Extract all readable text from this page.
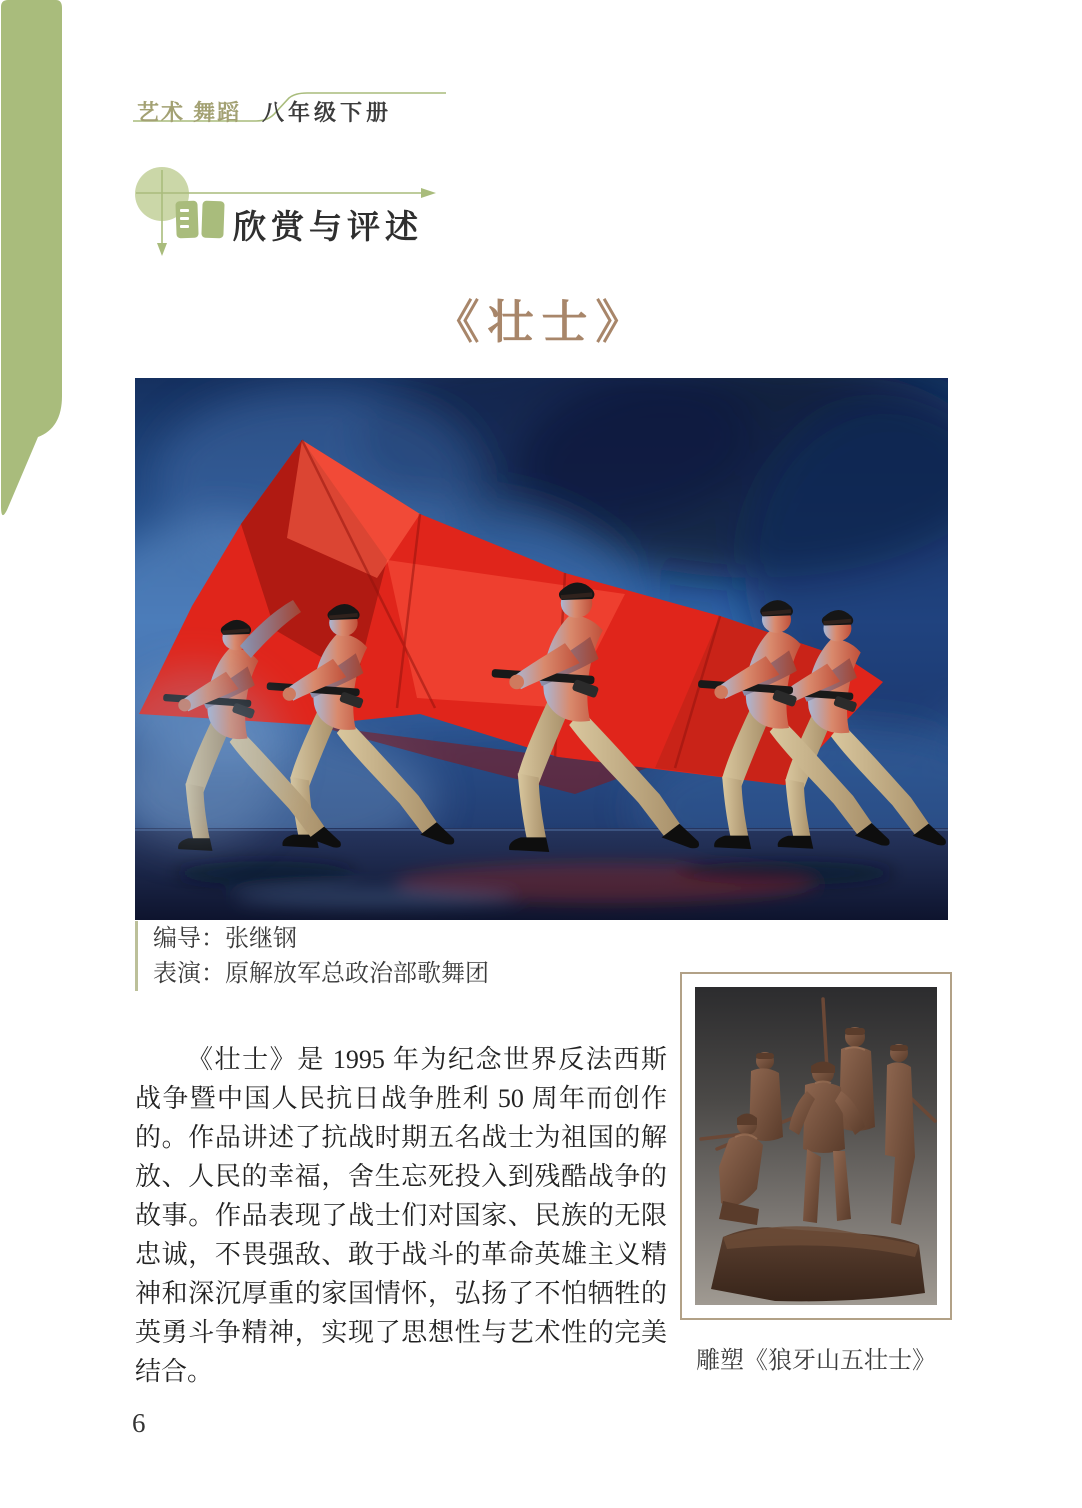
艺术 舞蹈 八年级下册
欣赏与评述
《壮士》
编导：张继钢
表演：原解放军总政治部歌舞团

《壮士》是 1995 年为纪念世界反法西斯战争暨中国人民抗日战争胜利 50 周年而创作的。作品讲述了抗战时期五名战士为祖国的解放、人民的幸福，舍生忘死投入到残酷战争的故事。作品表现了战士们对国家、民族的无限忠诚，不畏强敌、敢于战斗的革命英雄主义精神和深沉厚重的家国情怀，弘扬了不怕牺牲的英勇斗争精神，实现了思想性与艺术性的完美结合。	雕塑《狼牙山五壮士》
6
